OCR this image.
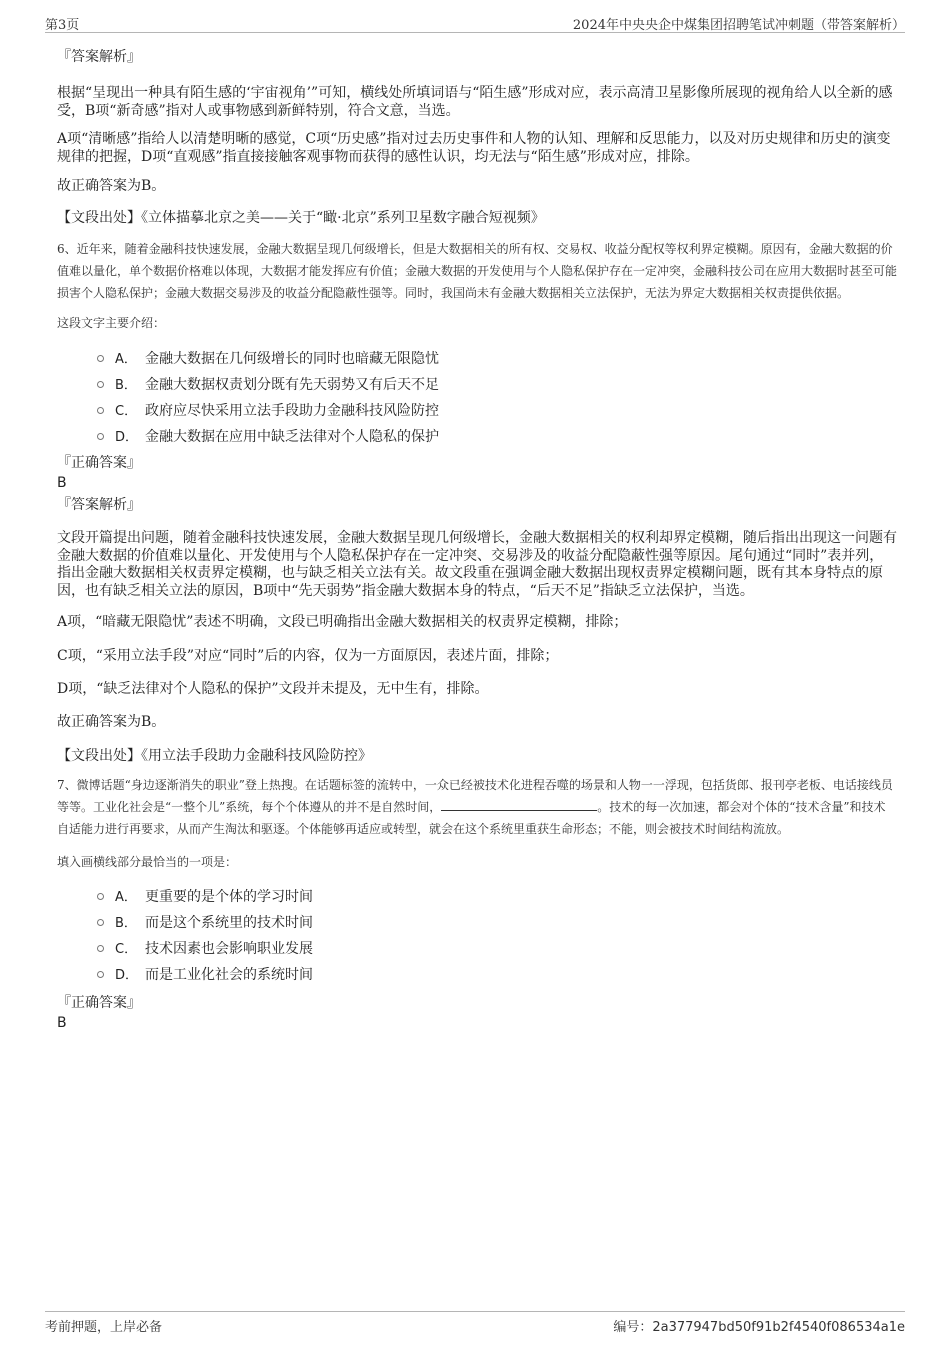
第3页	2024年中央央企中煤集团招聘笔试冲刺题（带答案解析）

『答案解析』

根据“呈现出一种具有陌生感的‘宇宙视角’”可知，横线处所填词语与“陌生感”形成对应，表示高清卫星影像所展现的视角给人以全新的感受，B项“新奇感”指对人或事物感到新鲜特别，符合文意，当选。

A项“清晰感”指给人以清楚明晰的感觉，C项“历史感”指对过去历史事件和人物的认知、理解和反思能力，以及对历史规律和历史的演变规律的把握，D项“直观感”指直接接触客观事物而获得的感性认识，均无法与“陌生感”形成对应，排除。

故正确答案为B。

【文段出处】《立体描摹北京之美——关于“瞰·北京”系列卫星数字融合短视频》

6、近年来，随着金融科技快速发展，金融大数据呈现几何级增长，但是大数据相关的所有权、交易权、收益分配权等权利界定模糊。原因有，金融大数据的价值难以量化，单个数据价格难以体现，大数据才能发挥应有价值；金融大数据的开发使用与个人隐私保护存在一定冲突，金融科技公司在应用大数据时甚至可能损害个人隐私保护；金融大数据交易涉及的收益分配隐蔽性强等。同时，我国尚未有金融大数据相关立法保护，无法为界定大数据相关权责提供依据。

这段文字主要介绍：

A． 金融大数据在几何级增长的同时也暗藏无限隐忧
B． 金融大数据权责划分既有先天弱势又有后天不足
C． 政府应尽快采用立法手段助力金融科技风险防控
D． 金融大数据在应用中缺乏法律对个人隐私的保护

『正确答案』

B

『答案解析』

文段开篇提出问题，随着金融科技快速发展，金融大数据呈现几何级增长，金融大数据相关的权利却界定模糊，随后指出出现这一问题有金融大数据的价值难以量化、开发使用与个人隐私保护存在一定冲突、交易涉及的收益分配隐蔽性强等原因。尾句通过“同时”表并列，指出金融大数据相关权责界定模糊，也与缺乏相关立法有关。故文段重在强调金融大数据出现权责界定模糊问题，既有其本身特点的原因，也有缺乏相关立法的原因，B项中“先天弱势”指金融大数据本身的特点，“后天不足”指缺乏立法保护，当选。

A项，“暗藏无限隐忧”表述不明确，文段已明确指出金融大数据相关的权责界定模糊，排除；

C项，“采用立法手段”对应“同时”后的内容，仅为一方面原因，表述片面，排除；

D项，“缺乏法律对个人隐私的保护”文段并未提及，无中生有，排除。

故正确答案为B。

【文段出处】《用立法手段助力金融科技风险防控》

7、微博话题“身边逐渐消失的职业”登上热搜。在话题标签的流转中，一众已经被技术化进程吞噬的场景和人物一一浮现，包括货郎、报刊亭老板、电话接线员等等。工业化社会是“一整个儿”系统，每个个体遵从的并不是自然时间，	。技术的每一次加速，都会对个体的“技术含量”和技术自适能力进行再要求，从而产生淘汰和驱逐。个体能够再适应或转型，就会在这个系统里重获生命形态；不能，则会被技术时间结构流放。

填入画横线部分最恰当的一项是：

A． 更重要的是个体的学习时间
B． 而是这个系统里的技术时间
C． 技术因素也会影响职业发展
D． 而是工业化社会的系统时间

『正确答案』

B

考前押题，上岸必备	编号：2a377947bd50f91b2f4540f086534a1e
